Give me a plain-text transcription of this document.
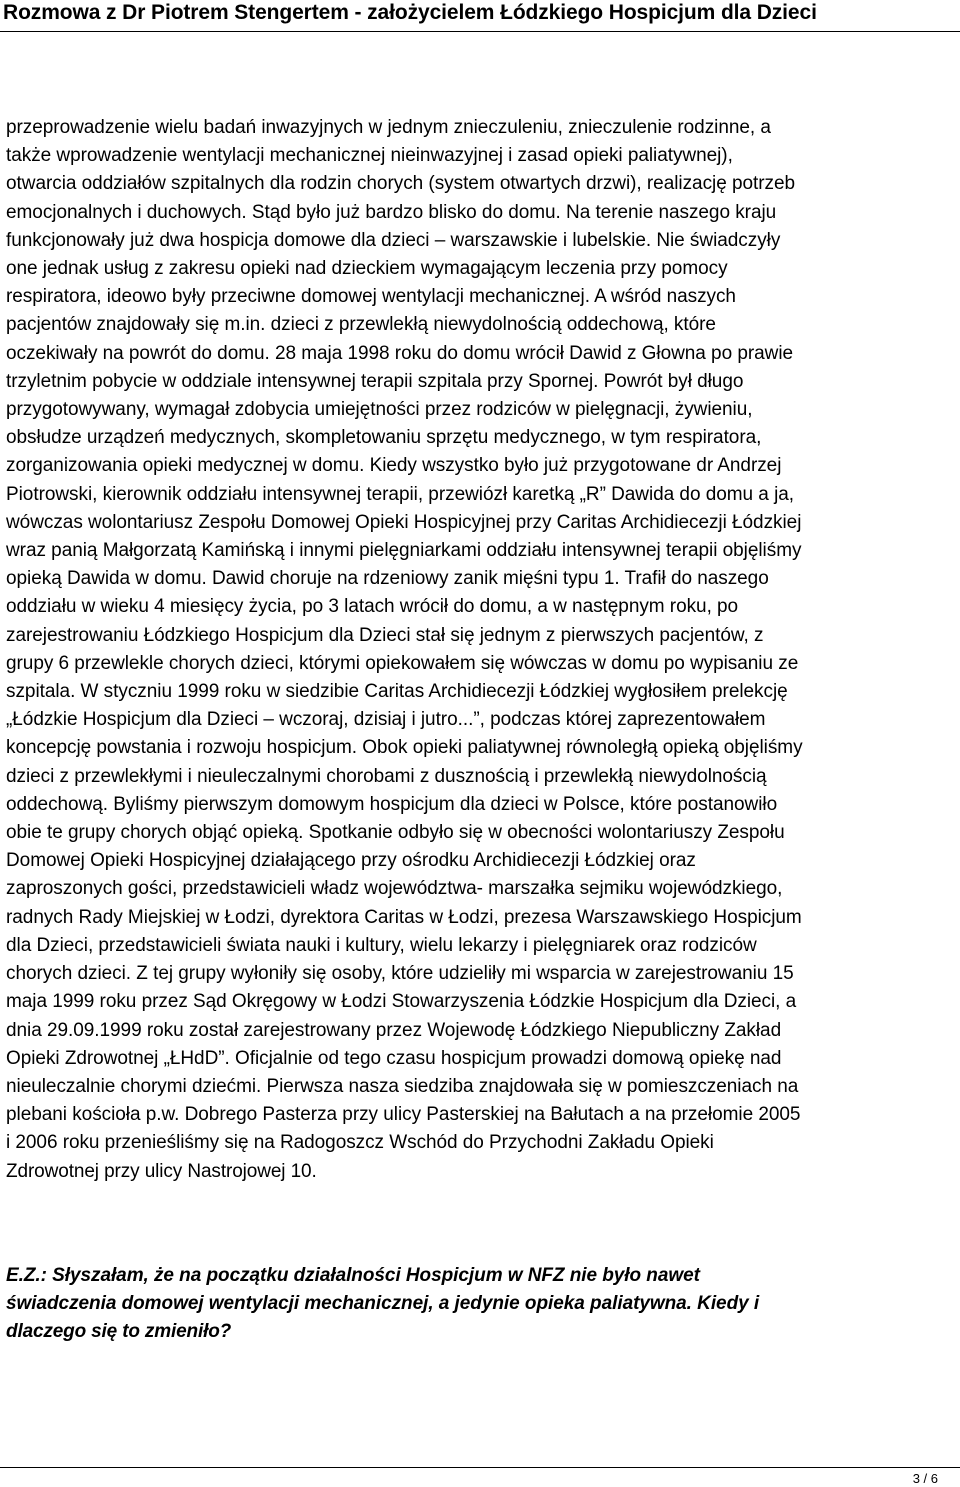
Rozmowa z Dr Piotrem Stengertem - założycielem Łódzkiego Hospicjum dla Dzieci
przeprowadzenie wielu badań inwazyjnych w jednym znieczuleniu, znieczulenie rodzinne, a
także wprowadzenie wentylacji mechanicznej nieinwazyjnej i zasad opieki paliatywnej),
otwarcia oddziałów szpitalnych dla rodzin chorych (system otwartych drzwi), realizację potrzeb
emocjonalnych i duchowych. Stąd było już bardzo blisko do domu. Na terenie naszego kraju
funkcjonowały już dwa hospicja domowe dla dzieci – warszawskie i lubelskie. Nie świadczyły
one jednak usług z zakresu opieki nad dzieckiem wymagającym leczenia przy pomocy
respiratora, ideowo były przeciwne domowej wentylacji mechanicznej. A wśród naszych
pacjentów znajdowały się m.in. dzieci z przewlekłą niewydolnością oddechową, które
oczekiwały na powrót do domu. 28 maja 1998 roku do domu wrócił Dawid z Głowna po prawie
trzyletnim pobycie w oddziale intensywnej terapii szpitala przy Spornej. Powrót był długo
przygotowywany, wymagał zdobycia umiejętności przez rodziców w pielęgnacji, żywieniu,
obsłudze urządzeń medycznych, skompletowaniu sprzętu medycznego, w tym respiratora,
zorganizowania opieki medycznej w domu. Kiedy wszystko było już przygotowane dr Andrzej
Piotrowski, kierownik oddziału intensywnej terapii, przewiózł karetką „R” Dawida do domu a ja,
wówczas wolontariusz Zespołu Domowej Opieki Hospicyjnej przy Caritas Archidiecezji Łódzkiej
wraz panią Małgorzatą Kamińską i innymi pielęgniarkami oddziału intensywnej terapii objęliśmy
opieką Dawida w domu. Dawid choruje na rdzeniowy zanik mięśni typu 1. Trafił do naszego
oddziału w wieku 4 miesięcy życia, po 3 latach wrócił do domu, a w następnym roku, po
zarejestrowaniu Łódzkiego Hospicjum dla Dzieci stał się jednym z pierwszych pacjentów, z
grupy 6 przewlekle chorych dzieci, którymi opiekowałem się wówczas w domu po wypisaniu ze
szpitala. W styczniu 1999 roku w siedzibie Caritas Archidiecezji Łódzkiej wygłosiłem prelekcję
„Łódzkie Hospicjum dla Dzieci – wczoraj, dzisiaj i jutro...”, podczas której zaprezentowałem
koncepcję powstania i rozwoju hospicjum. Obok opieki paliatywnej równoległą opieką objęliśmy
dzieci z przewlekłymi i nieuleczalnymi chorobami z dusznością i przewlekłą niewydolnością
oddechową. Byliśmy pierwszym domowym hospicjum dla dzieci w Polsce, które postanowiło
obie te grupy chorych objąć opieką. Spotkanie odbyło się w obecności wolontariuszy Zespołu
Domowej Opieki Hospicyjnej działającego przy ośrodku Archidiecezji Łódzkiej oraz
zaproszonych gości, przedstawicieli władz województwa- marszałka sejmiku wojewódzkiego,
radnych Rady Miejskiej w Łodzi, dyrektora Caritas w Łodzi, prezesa Warszawskiego Hospicjum
dla Dzieci, przedstawicieli świata nauki i kultury, wielu lekarzy i pielęgniarek oraz rodziców
chorych dzieci. Z tej grupy wyłoniły się osoby, które udzieliły mi wsparcia w zarejestrowaniu 15
maja 1999 roku przez Sąd Okręgowy w Łodzi Stowarzyszenia Łódzkie Hospicjum dla Dzieci, a
dnia 29.09.1999 roku został zarejestrowany przez Wojewodę Łódzkiego Niepubliczny Zakład
Opieki Zdrowotnej „ŁHdD”. Oficjalnie od tego czasu hospicjum prowadzi domową opiekę nad
nieuleczalnie chorymi dziećmi. Pierwsza nasza siedziba znajdowała się w pomieszczeniach na
plebani kościoła p.w. Dobrego Pasterza przy ulicy Pasterskiej na Bałutach a na przełomie 2005
i 2006 roku przenieśliśmy się na Radogoszcz Wschód do Przychodni Zakładu Opieki
Zdrowotnej przy ulicy Nastrojowej 10.
E.Z.: Słyszałam, że na początku działalności Hospicjum w NFZ nie było nawet
świadczenia domowej wentylacji mechanicznej, a jedynie opieka paliatywna. Kiedy i
dlaczego się to zmieniło?
3 / 6
